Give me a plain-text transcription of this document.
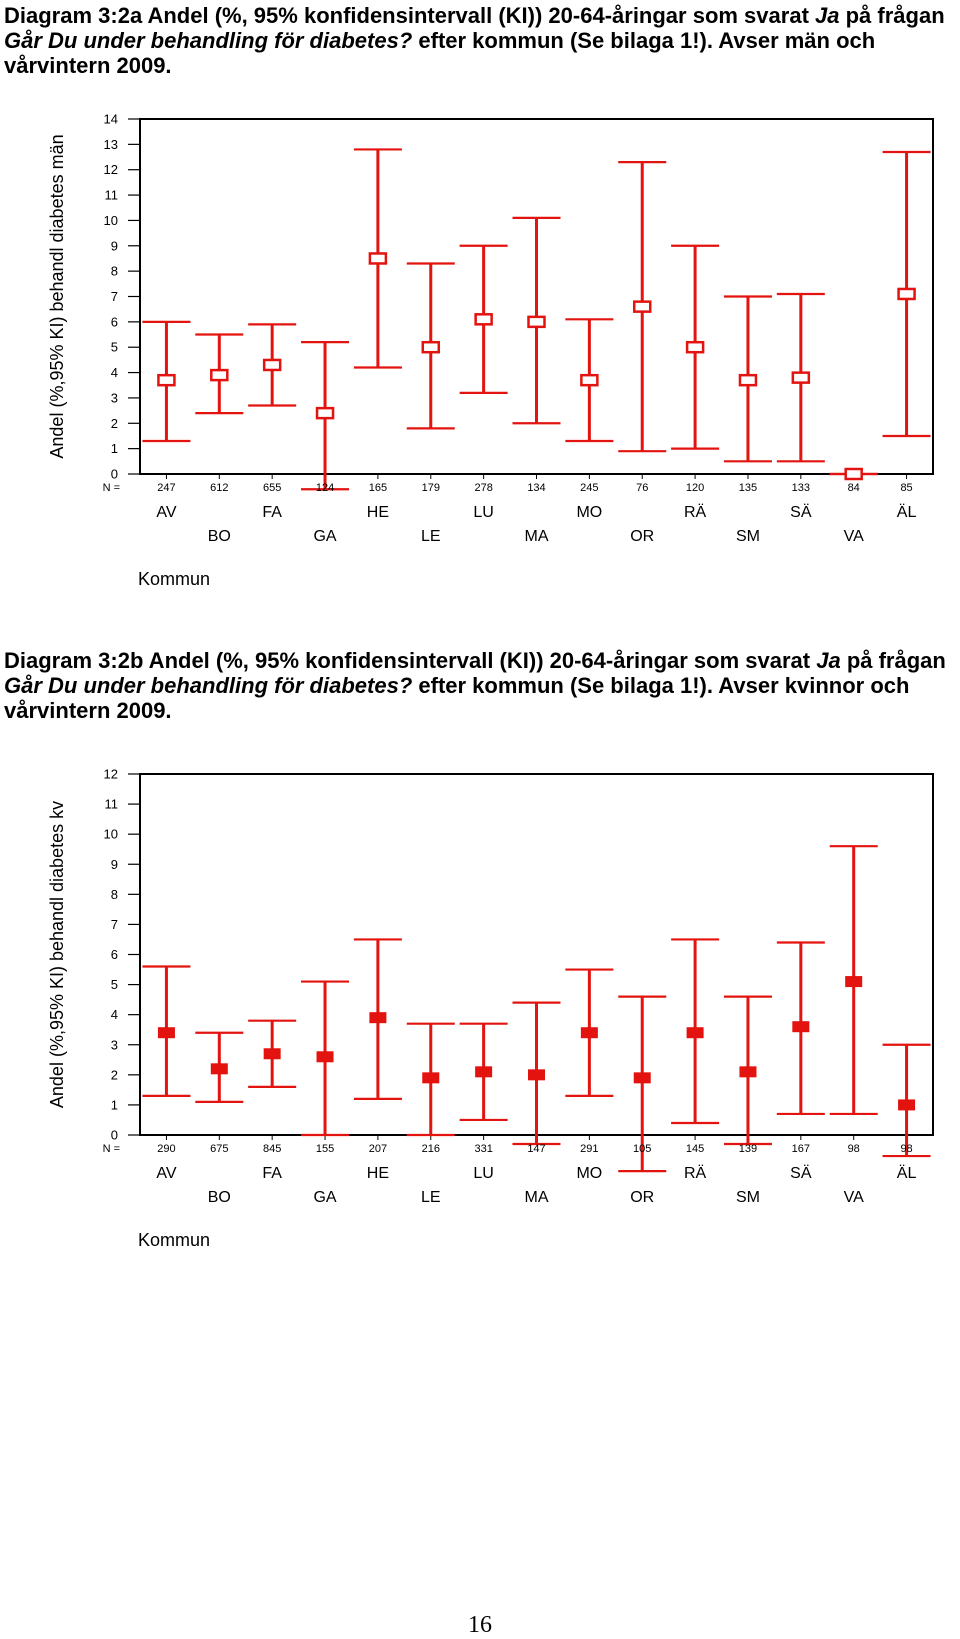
Diagram 3:2a Andel (%, 95% konfidensintervall (KI)) 20-64-åringar som svarat Ja på frågan Går Du under behandling för diabetes? efter kommun (Se bilaga 1!). Avser män och vårvintern 2009.

0
1
2
3
4
5
6
7
8
9
10
11
12
13
14
Andel (%,95% KI) behandl diabetes män
N =	247	612	655	124	165	179	278	134	245	76	120	135	133	84	85
AV
BO
FA
GA
HE
LE
LU
MA
MO
OR
RÄ
SM
SÄ
VA
ÄL
Kommun

Diagram 3:2b Andel (%, 95% konfidensintervall (KI)) 20-64-åringar som svarat Ja på frågan Går Du under behandling för diabetes? efter kommun (Se bilaga 1!). Avser kvinnor och vårvintern 2009.

0
1
2
3
4
5
6
7
8
9
10
11
12
Andel (%,95% KI) behandl diabetes kv
N =	290	675	845	155	207	216	331	147	291	105	145	139	167	98	98
AV
BO
FA
GA
HE
LE
LU
MA
MO
OR
RÄ
SM
SÄ
VA
ÄL
Kommun
16
